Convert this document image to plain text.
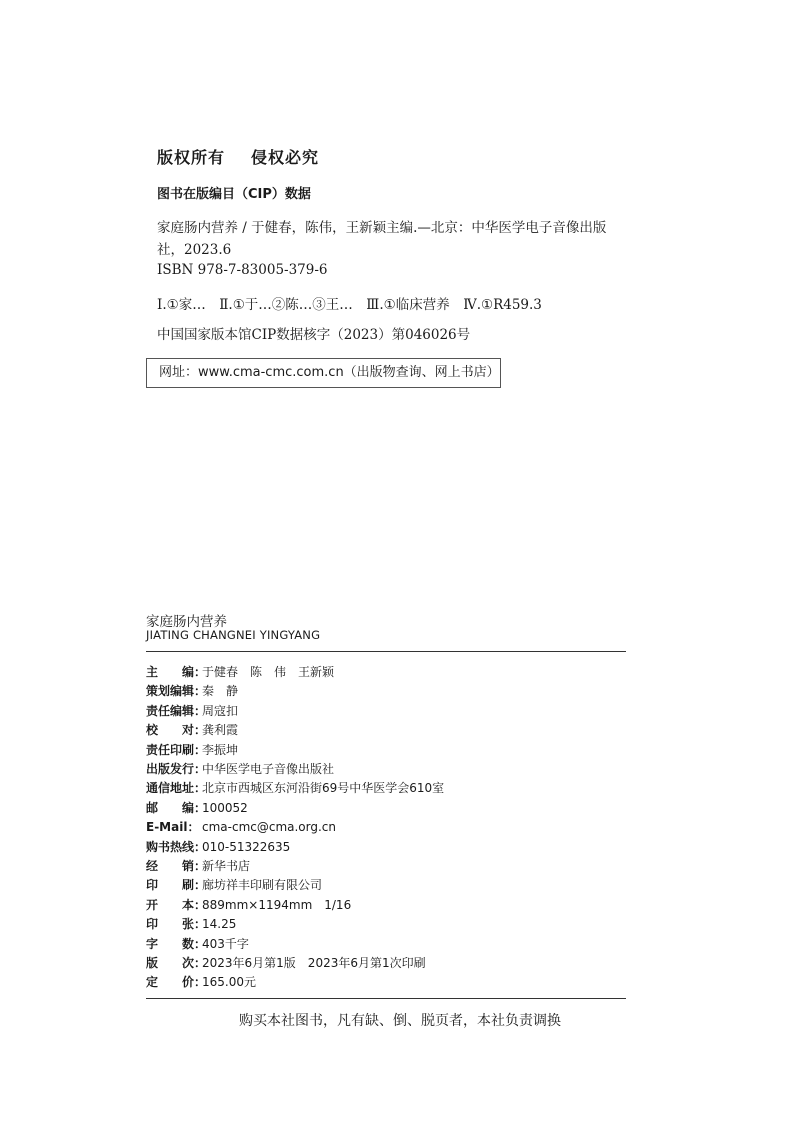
版权所有 侵权必究
图书在版编目（CIP）数据
家庭肠内营养 / 于健春，陈伟，王新颖主编.—北京：中华医学电子音像出版
社，2023.6
ISBN 978-7-83005-379-6
Ⅰ.①家…　Ⅱ.①于…②陈…③王…　Ⅲ.①临床营养　Ⅳ.①R459.3
中国国家版本馆CIP数据核字（2023）第046026号
网址：www.cma-cmc.com.cn（出版物查询、网上书店）
家庭肠内营养
JIATING CHANGNEI YINGYANG
主　　编：于健春　陈　伟　王新颖
策划编辑：秦　静
责任编辑：周寇扣
校　　对：龚利霞
责任印刷：李振坤
出版发行：中华医学电子音像出版社
通信地址：北京市西城区东河沿街69号中华医学会610室
邮　　编：100052
E-Mail： cma-cmc@cma.org.cn
购书热线：010-51322635
经　　销：新华书店
印　　刷：廊坊祥丰印刷有限公司
开　　本：889mm×1194mm　1/16
印　　张：14.25
字　　数：403千字
版　　次：2023年6月第1版　2023年6月第1次印刷
定　　价：165.00元
购买本社图书，凡有缺、倒、脱页者，本社负责调换
